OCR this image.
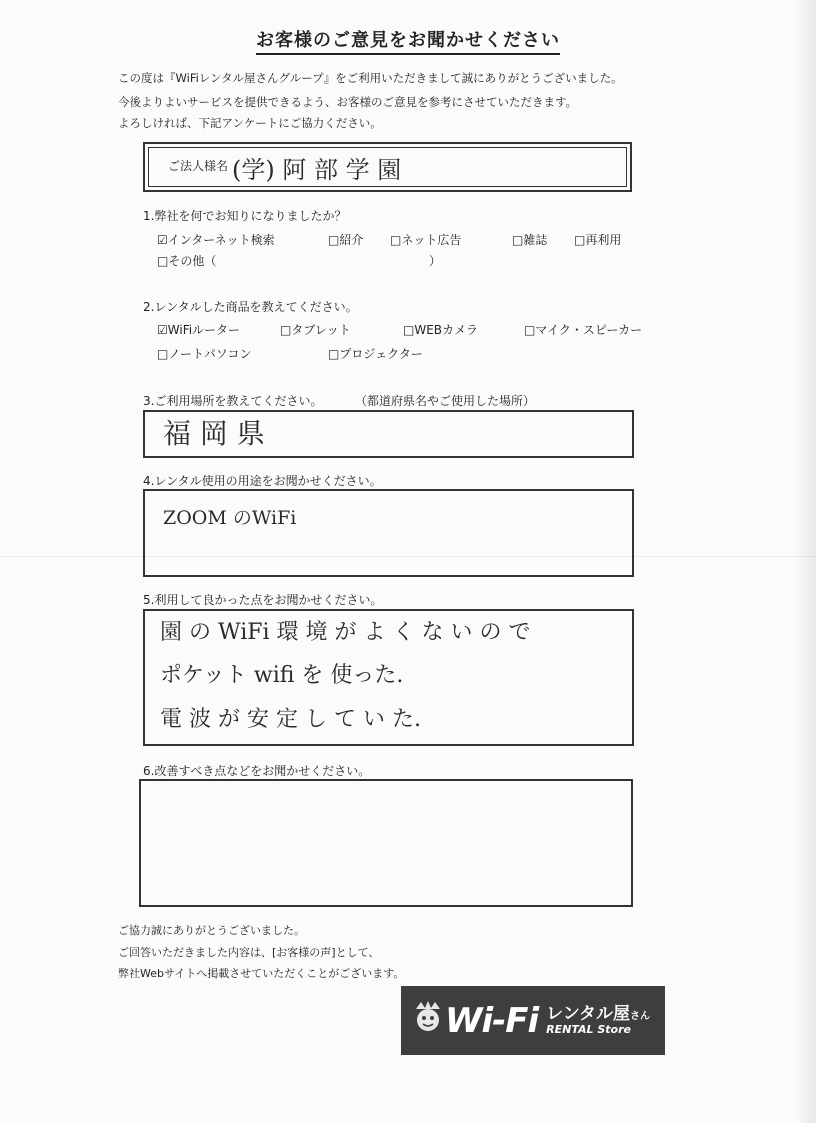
お客様のご意見をお聞かせください
この度は『WiFiレンタル屋さんグループ』をご利用いただきまして誠にありがとうございました。
今後よりよいサービスを提供できるよう、お客様のご意見を参考にさせていただきます。
よろしければ、下記アンケートにご協力ください。
ご法人様名 (学) 阿 部 学 園
1.弊社を何でお知りになりましたか？
☑インターネット検索	□紹介 □ネット広告	□雑誌 □再利用
□その他（	）
2.レンタルした商品を教えてください。
☑WiFiルーター	□タブレット	□WEBカメラ	□マイク・スピーカー
□ノートパソコン	□プロジェクター
3.ご利用場所を教えてください。	（都道府県名やご使用した場所）
福 岡 県
4.レンタル使用の用途をお聞かせください。
ZOOM のWiFi
5.利用して良かった点をお聞かせください。
園 の WiFi 環 境 が よ く な い の で
ポケット wifi を 使った.
電 波 が 安 定 し て い た.
6.改善すべき点などをお聞かせください。
ご協力誠にありがとうございました。
ご回答いただきました内容は、[お客様の声]として、
弊社Webサイトへ掲載させていただくことがございます。
Wi-Fi レンタル屋さん
RENTAL Store
